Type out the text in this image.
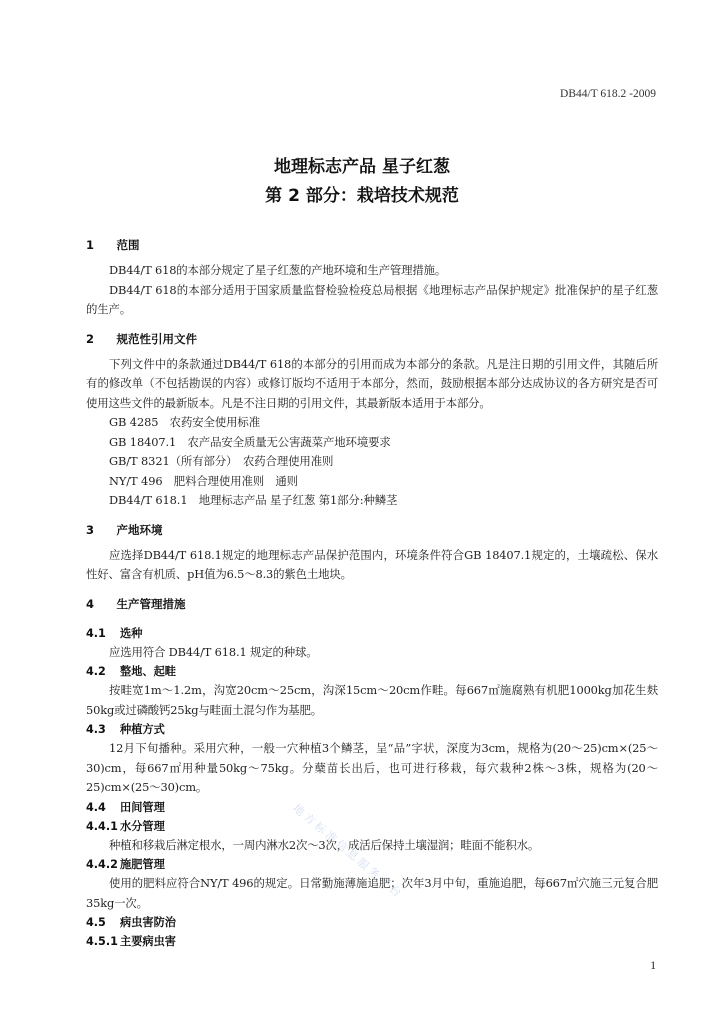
DB44/T 618.2 -2009
地理标志产品 星子红葱
第 2 部分：栽培技术规范
1　 范围

DB44/T 618的本部分规定了星子红葱的产地环境和生产管理措施。

DB44/T 618的本部分适用于国家质量监督检验检疫总局根据《地理标志产品保护规定》批准保护的星子红葱的生产。

2　 规范性引用文件

下列文件中的条款通过DB44/T 618的本部分的引用而成为本部分的条款。凡是注日期的引用文件，其随后所有的修改单（不包括勘误的内容）或修订版均不适用于本部分，然而，鼓励根据本部分达成协议的各方研究是否可使用这些文件的最新版本。凡是不注日期的引用文件，其最新版本适用于本部分。

GB 4285　农药安全使用标准

GB 18407.1　农产品安全质量无公害蔬菜产地环境要求

GB/T 8321（所有部分）　农药合理使用准则

NY/T 496　肥料合理使用准则　通则

DB44/T 618.1　地理标志产品 星子红葱 第1部分:种鳞茎

3　 产地环境

应选择DB44/T 618.1规定的地理标志产品保护范围内，环境条件符合GB 18407.1规定的，土壤疏松、保水性好、富含有机质、pH值为6.5～8.3的紫色土地块。

4　 生产管理措施
4.1 选种

应选用符合 DB44/T 618.1 规定的种球。

4.2 整地、起畦

按畦宽1m～1.2m，沟宽20cm～25cm，沟深15cm～20cm作畦。每667㎡施腐熟有机肥1000kg加花生麸50kg或过磷酸钙25kg与畦面土混匀作为基肥。

4.3 种植方式

12月下旬播种。采用穴种，一般一穴种植3个鳞茎，呈“品”字状，深度为3cm，规格为(20～25)cm×(25～30)cm，每667㎡用种量50kg～75kg。分蘖苗长出后，也可进行移栽，每穴栽种2株～3株，规格为(20～25)cm×(25～30)cm。

4.4 田间管理
4.4.1 水分管理

种植和移栽后淋定根水，一周内淋水2次～3次，成活后保持土壤湿润；畦面不能积水。

4.4.2 施肥管理

使用的肥料应符合NY/T 496的规定。日常勤施薄施追肥；次年3月中旬，重施追肥，每667㎡穴施三元复合肥35kg一次。

4.5 病虫害防治
4.5.1 主要病虫害
地方标准信息服务平台
1
